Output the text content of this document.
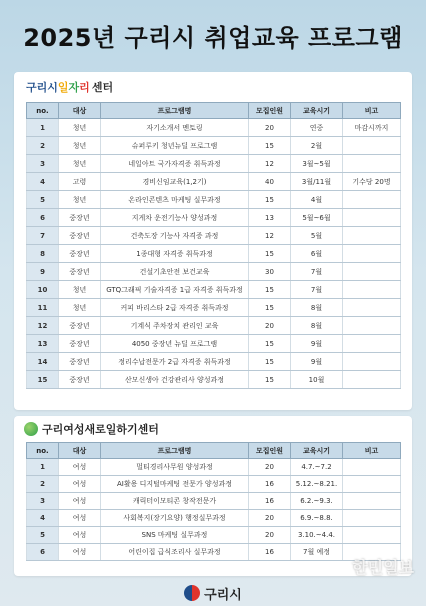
2025년 구리시 취업교육 프로그램
구리시일자리 센터
no.	대상	프로그램명	모집인원	교육시기	비고
1	청년	자기소개서 멘토링	20	연중	마감시까지
2	청년	슈퍼루키 청년뉴딜 프로그램	15	2월	
3	청년	네일아트 국가자격증 취득과정	12	3월~5월	
4	고령	경비신임교육(1,2기)	40	3월/11월	기수당 20명
5	청년	온라인콘텐츠 마케팅 실무과정	15	4월	
6	중장년	지게차 운전기능사 양성과정	13	5월~6월	
7	중장년	건축도장 기능사 자격증 과정	12	5월	
8	중장년	1종대형 자격증 취득과정	15	6월	
9	중장년	건설기초안전 보건교육	30	7월	
10	청년	GTQ그래픽 기술자격증 1급 자격증 취득과정	15	7월	
11	청년	커피 바리스타 2급 자격증 취득과정	15	8월	
12	중장년	기계식 주차장치 관리인 교육	20	8월	
13	중장년	4050 중장년 뉴딜 프로그램	15	9월	
14	중장년	정리수납전문가 2급 자격증 취득과정	15	9월	
15	중장년	산모신생아 건강관리사 양성과정	15	10월	
구리여성새로일하기센터
no.	대상	프로그램명	모집인원	교육시기	비고
1	여성	멀티경리사무원 양성과정	20	4.7.~7.2	
2	여성	AI활용 디지털마케팅 전문가 양성과정	16	5.12.~8.21.	
3	여성	캐릭터이모티콘 창작전문가	16	6.2.~9.3.	
4	여성	사회복지(장기요양) 행정실무과정	20	6.9.~8.8.	
5	여성	SNS 마케팅 실무과정	20	3.10.~4.4.	
6	여성	어린이집 급식조리사 실무과정	16	7월 예정	
구리시
한민일보
